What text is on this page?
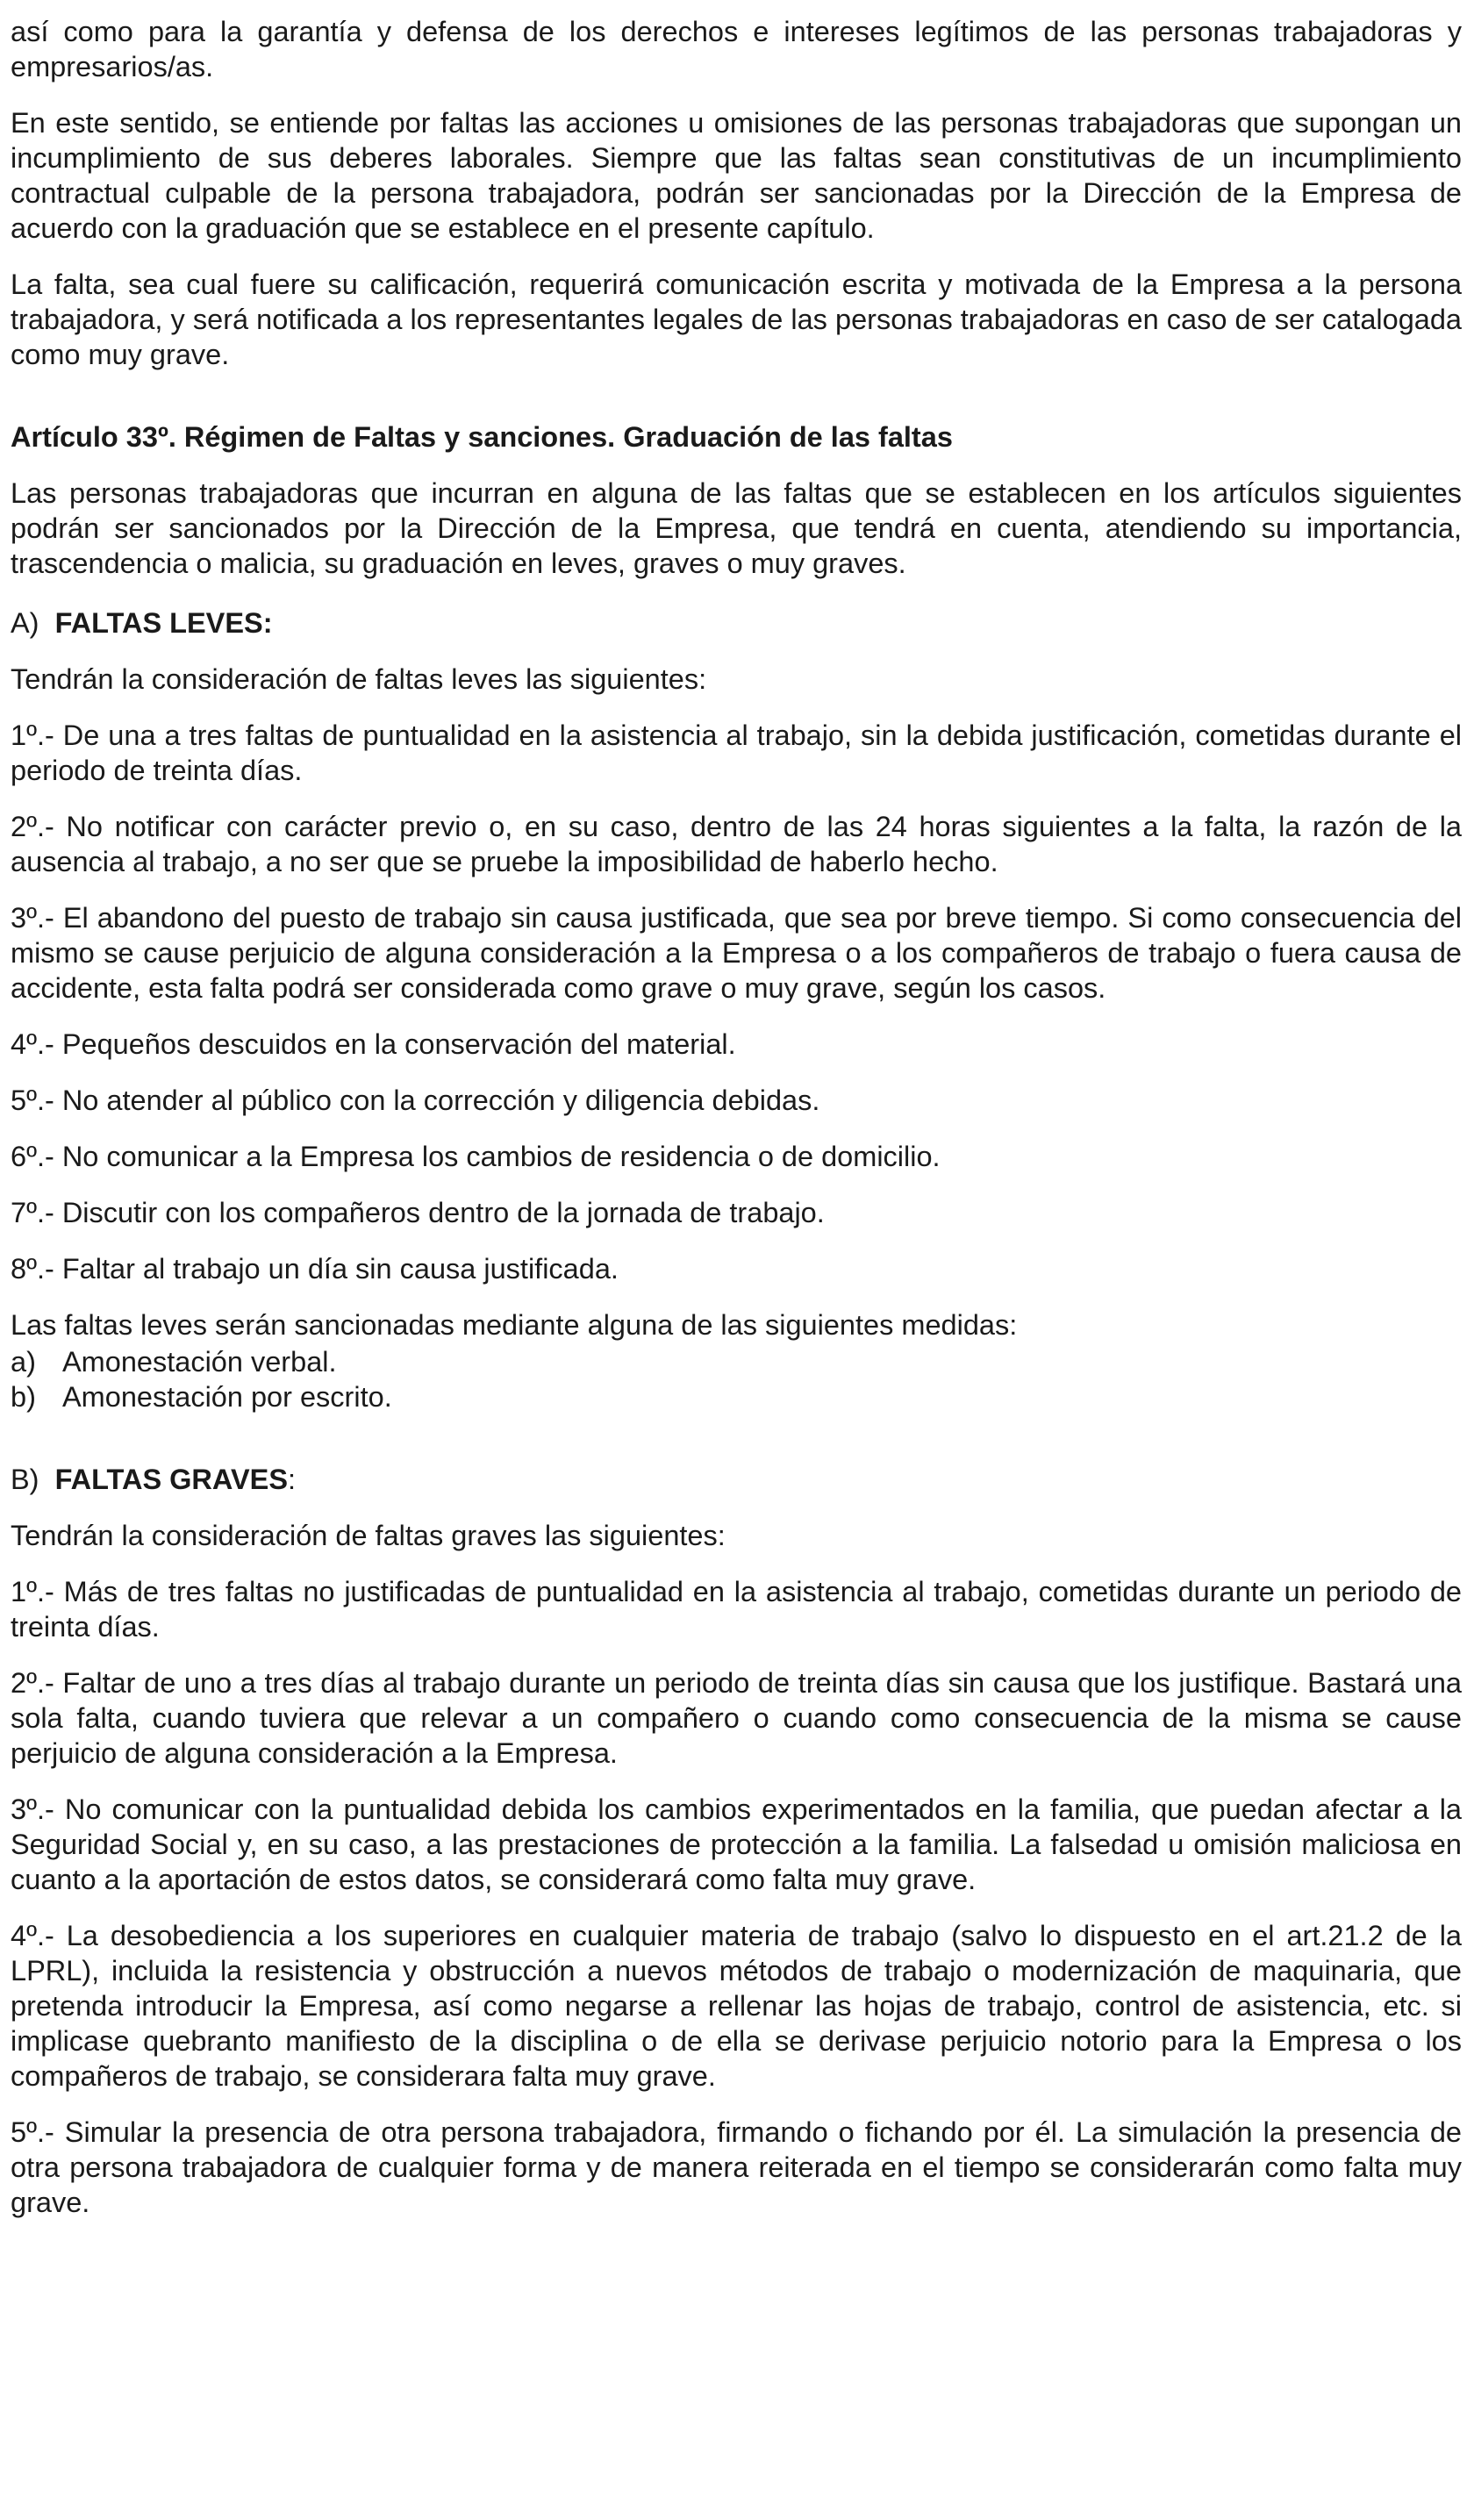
así como para la garantía y defensa de los derechos e intereses legítimos de las personas trabajadoras y empresarios/as.

En este sentido, se entiende por faltas las acciones u omisiones de las personas trabajadoras que supongan un incumplimiento de sus deberes laborales. Siempre que las faltas sean constitutivas de un incumplimiento contractual culpable de la persona trabajadora, podrán ser sancionadas por la Dirección de la Empresa de acuerdo con la graduación que se establece en el presente capítulo.

La falta, sea cual fuere su calificación, requerirá comunicación escrita y motivada de la Empresa a la persona trabajadora, y será notificada a los representantes legales de las personas trabajadoras en caso de ser catalogada como muy grave.

Artículo 33º. Régimen de Faltas y sanciones. Graduación de las faltas

Las personas trabajadoras que incurran en alguna de las faltas que se establecen en los artículos siguientes podrán ser sancionados por la Dirección de la Empresa, que tendrá en cuenta, atendiendo su importancia, trascendencia o malicia, su graduación en leves, graves o muy graves.

A) FALTAS LEVES:

Tendrán la consideración de faltas leves las siguientes:

1º.- De una a tres faltas de puntualidad en la asistencia al trabajo, sin la debida justificación, cometidas durante el periodo de treinta días.

2º.- No notificar con carácter previo o, en su caso, dentro de las 24 horas siguientes a la falta, la razón de la ausencia al trabajo, a no ser que se pruebe la imposibilidad de haberlo hecho.

3º.- El abandono del puesto de trabajo sin causa justificada, que sea por breve tiempo. Si como consecuencia del mismo se cause perjuicio de alguna consideración a la Empresa o a los compañeros de trabajo o fuera causa de accidente, esta falta podrá ser considerada como grave o muy grave, según los casos.

4º.- Pequeños descuidos en la conservación del material.

5º.- No atender al público con la corrección y diligencia debidas.

6º.- No comunicar a la Empresa los cambios de residencia o de domicilio.

7º.- Discutir con los compañeros dentro de la jornada de trabajo.

8º.- Faltar al trabajo un día sin causa justificada.

Las faltas leves serán sancionadas mediante alguna de las siguientes medidas:

a) Amonestación verbal.
b) Amonestación por escrito.
B) FALTAS GRAVES:

Tendrán la consideración de faltas graves las siguientes:

1º.- Más de tres faltas no justificadas de puntualidad en la asistencia al trabajo, cometidas durante un periodo de treinta días.

2º.- Faltar de uno a tres días al trabajo durante un periodo de treinta días sin causa que los justifique. Bastará una sola falta, cuando tuviera que relevar a un compañero o cuando como consecuencia de la misma se cause perjuicio de alguna consideración a la Empresa.

3º.- No comunicar con la puntualidad debida los cambios experimentados en la familia, que puedan afectar a la Seguridad Social y, en su caso, a las prestaciones de protección a la familia. La falsedad u omisión maliciosa en cuanto a la aportación de estos datos, se considerará como falta muy grave.

4º.- La desobediencia a los superiores en cualquier materia de trabajo (salvo lo dispuesto en el art.21.2 de la LPRL), incluida la resistencia y obstrucción a nuevos métodos de trabajo o modernización de maquinaria, que pretenda introducir la Empresa, así como negarse a rellenar las hojas de trabajo, control de asistencia, etc. si implicase quebranto manifiesto de la disciplina o de ella se derivase perjuicio notorio para la Empresa o los compañeros de trabajo, se considerara falta muy grave.

5º.- Simular la presencia de otra persona trabajadora, firmando o fichando por él. La simulación la presencia de otra persona trabajadora de cualquier forma y de manera reiterada en el tiempo se considerarán como falta muy grave.
